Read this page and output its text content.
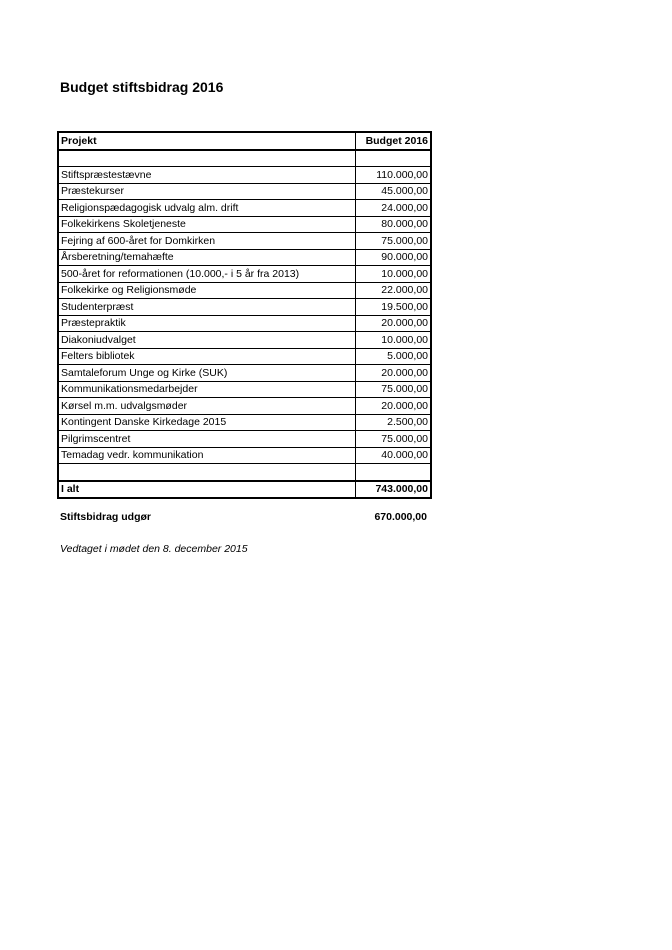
Budget stiftsbidrag 2016
Projekt	Budget 2016

Stiftspræstestævne	110.000,00
Præstekurser	45.000,00
Religionspædagogisk udvalg alm. drift	24.000,00
Folkekirkens Skoletjeneste	80.000,00
Fejring af 600-året for Domkirken	75.000,00
Årsberetning/temahæfte	90.000,00
500-året for reformationen (10.000,- i 5 år fra 2013)	10.000,00
Folkekirke og Religionsmøde	22.000,00
Studenterpræst	19.500,00
Præstepraktik	20.000,00
Diakoniudvalget	10.000,00
Felters bibliotek	5.000,00
Samtaleforum Unge og Kirke (SUK)	20.000,00
Kommunikationsmedarbejder	75.000,00
Kørsel m.m. udvalgsmøder	20.000,00
Kontingent Danske Kirkedage 2015	2.500,00
Pilgrimscentret	75.000,00
Temadag vedr. kommunikation	40.000,00

I alt	743.000,00
Stiftsbidrag udgør	670.000,00
Vedtaget i mødet den 8. december 2015
